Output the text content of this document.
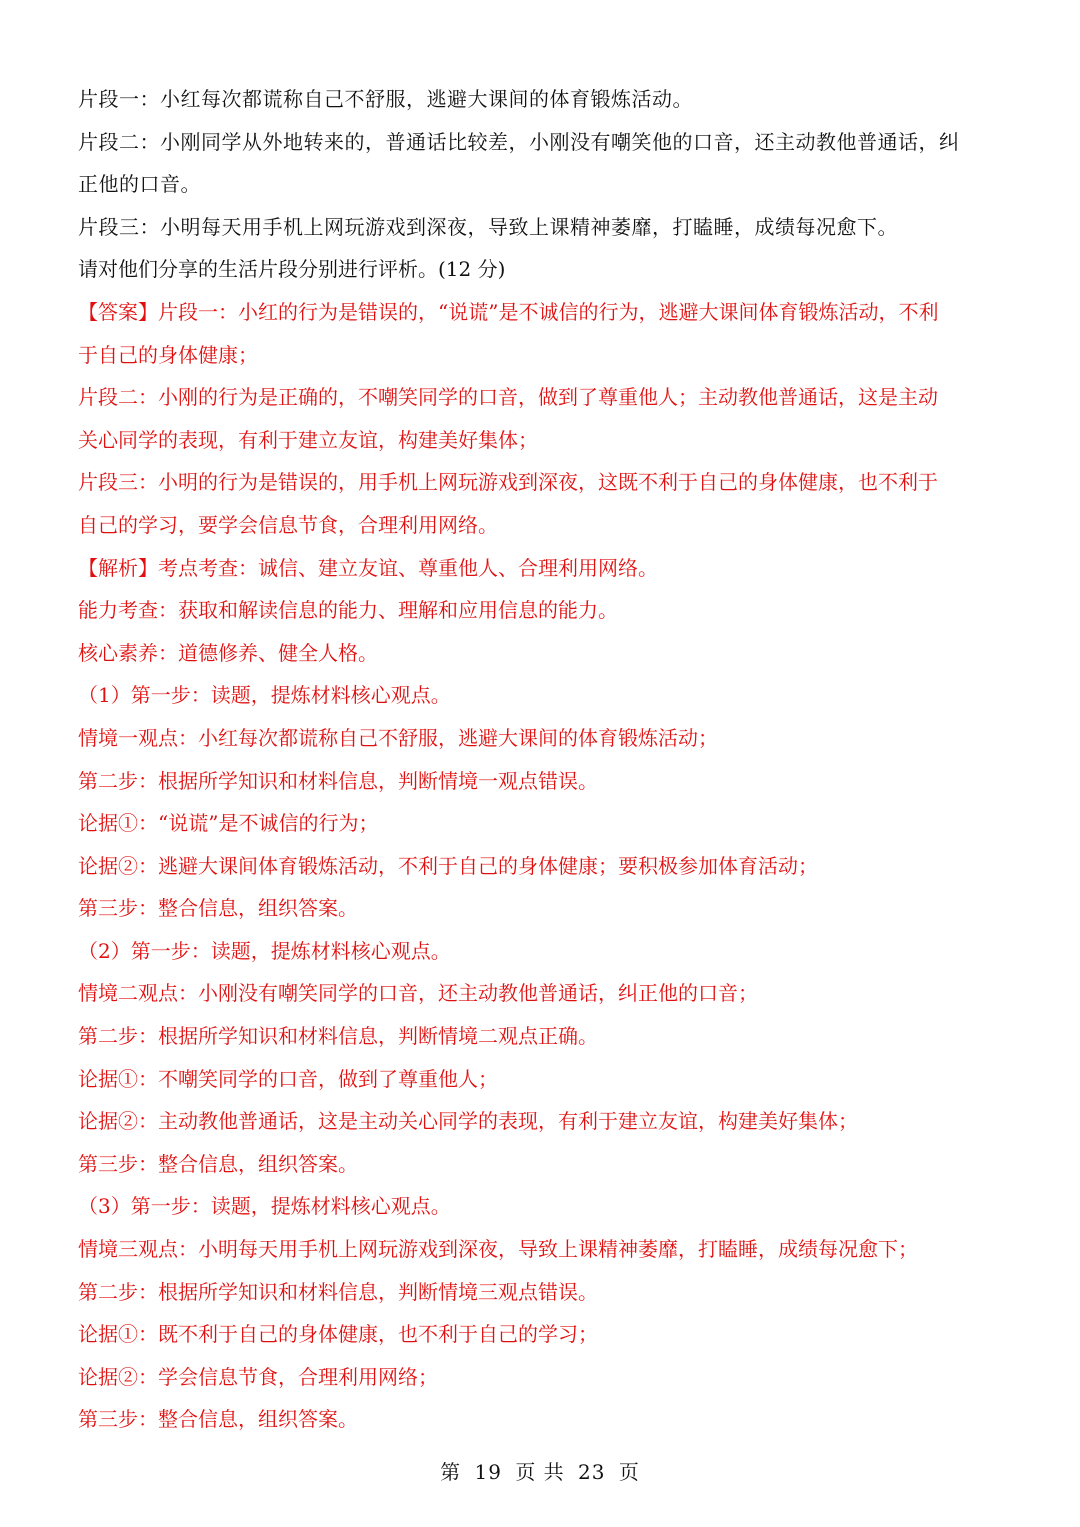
片段一：小红每次都谎称自己不舒服，逃避大课间的体育锻炼活动。
片段二：小刚同学从外地转来的，普通话比较差，小刚没有嘲笑他的口音，还主动教他普通话，纠
正他的口音。
片段三：小明每天用手机上网玩游戏到深夜，导致上课精神萎靡，打瞌睡，成绩每况愈下。
请对他们分享的生活片段分别进行评析。(12 分)
【答案】片段一：小红的行为是错误的，“说谎”是不诚信的行为，逃避大课间体育锻炼活动，不利
于自己的身体健康；
片段二：小刚的行为是正确的，不嘲笑同学的口音，做到了尊重他人；主动教他普通话，这是主动
关心同学的表现，有利于建立友谊，构建美好集体；
片段三：小明的行为是错误的，用手机上网玩游戏到深夜，这既不利于自己的身体健康，也不利于
自己的学习，要学会信息节食，合理利用网络。
【解析】考点考查：诚信、建立友谊、尊重他人、合理利用网络。
能力考查：获取和解读信息的能力、理解和应用信息的能力。
核心素养：道德修养、健全人格。
（1）第一步：读题，提炼材料核心观点。
情境一观点：小红每次都谎称自己不舒服，逃避大课间的体育锻炼活动；
第二步：根据所学知识和材料信息，判断情境一观点错误。
论据①：“说谎”是不诚信的行为；
论据②：逃避大课间体育锻炼活动，不利于自己的身体健康；要积极参加体育活动；
第三步：整合信息，组织答案。
（2）第一步：读题，提炼材料核心观点。
情境二观点：小刚没有嘲笑同学的口音，还主动教他普通话，纠正他的口音；
第二步：根据所学知识和材料信息，判断情境二观点正确。
论据①：不嘲笑同学的口音，做到了尊重他人；
论据②：主动教他普通话，这是主动关心同学的表现，有利于建立友谊，构建美好集体；
第三步：整合信息，组织答案。
（3）第一步：读题，提炼材料核心观点。
情境三观点：小明每天用手机上网玩游戏到深夜，导致上课精神萎靡，打瞌睡，成绩每况愈下；
第二步：根据所学知识和材料信息，判断情境三观点错误。
论据①：既不利于自己的身体健康，也不利于自己的学习；
论据②：学会信息节食，合理利用网络；
第三步：整合信息，组织答案。
第 19 页 共 23 页
